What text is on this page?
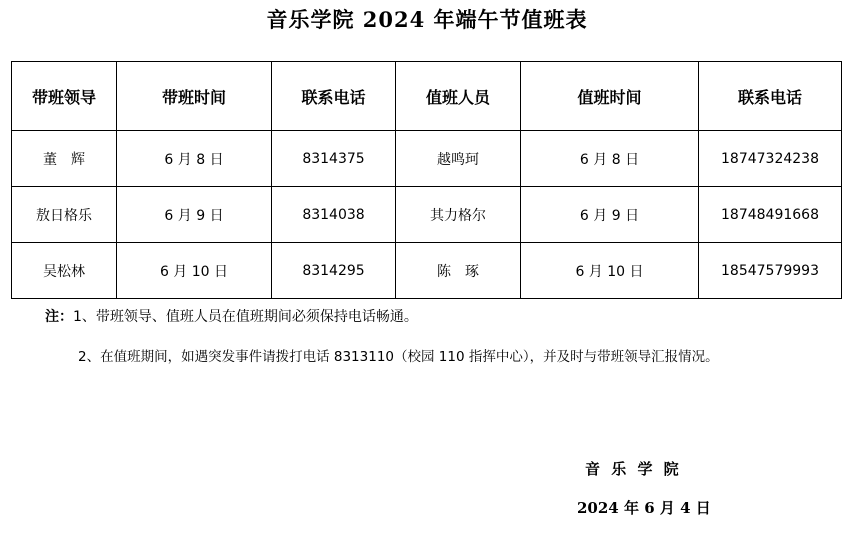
音乐学院 2024 年端午节值班表
带班领导	带班时间	联系电话	值班人员	值班时间	联系电话
董　辉	6 月 8 日	8314375	越鸣珂	6 月 8 日	18747324238
敖日格乐	6 月 9 日	8314038	其力格尔	6 月 9 日	18748491668
吴松林	6 月 10 日	8314295	陈　琢	6 月 10 日	18547579993
注：1、带班领导、值班人员在值班期间必须保持电话畅通。
2、在值班期间，如遇突发事件请拨打电话 8313110（校园 110 指挥中心），并及时与带班领导汇报情况。
音 乐 学 院
2024 年 6 月 4 日
